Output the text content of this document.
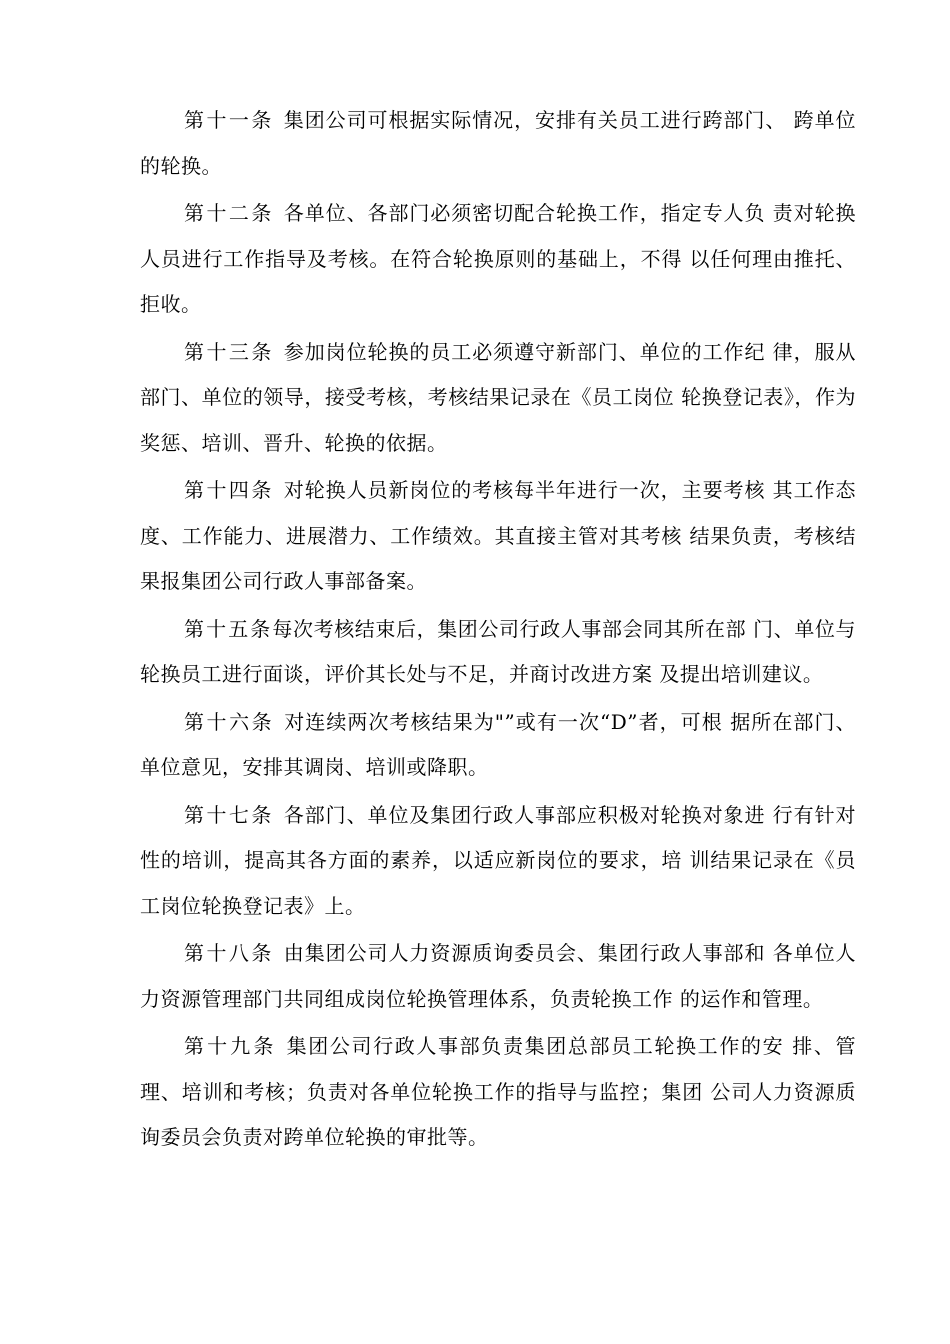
第十一条 集团公司可根据实际情况，安排有关员工进行跨部门、 跨单位的轮换。

第十二条 各单位、各部门必须密切配合轮换工作，指定专人负 责对轮换人员进行工作指导及考核。在符合轮换原则的基础上，不得 以任何理由推托、拒收。

第十三条 参加岗位轮换的员工必须遵守新部门、单位的工作纪 律，服从部门、单位的领导，接受考核，考核结果记录在《员工岗位 轮换登记表》，作为奖惩、培训、晋升、轮换的依据。

第十四条 对轮换人员新岗位的考核每半年进行一次，主要考核 其工作态度、工作能力、进展潜力、工作绩效。其直接主管对其考核 结果负责，考核结果报集团公司行政人事部备案。

第十五条每次考核结束后，集团公司行政人事部会同其所在部 门、单位与轮换员工进行面谈，评价其长处与不足，并商讨改进方案 及提出培训建议。

第十六条 对连续两次考核结果为"”或有一次“D”者，可根 据所在部门、单位意见，安排其调岗、培训或降职。

第十七条 各部门、单位及集团行政人事部应积极对轮换对象进 行有针对性的培训，提高其各方面的素养，以适应新岗位的要求，培 训结果记录在《员工岗位轮换登记表》上。

第十八条 由集团公司人力资源质询委员会、集团行政人事部和 各单位人力资源管理部门共同组成岗位轮换管理体系，负责轮换工作 的运作和管理。

第十九条 集团公司行政人事部负责集团总部员工轮换工作的安 排、管理、培训和考核；负责对各单位轮换工作的指导与监控；集团 公司人力资源质询委员会负责对跨单位轮换的审批等。
